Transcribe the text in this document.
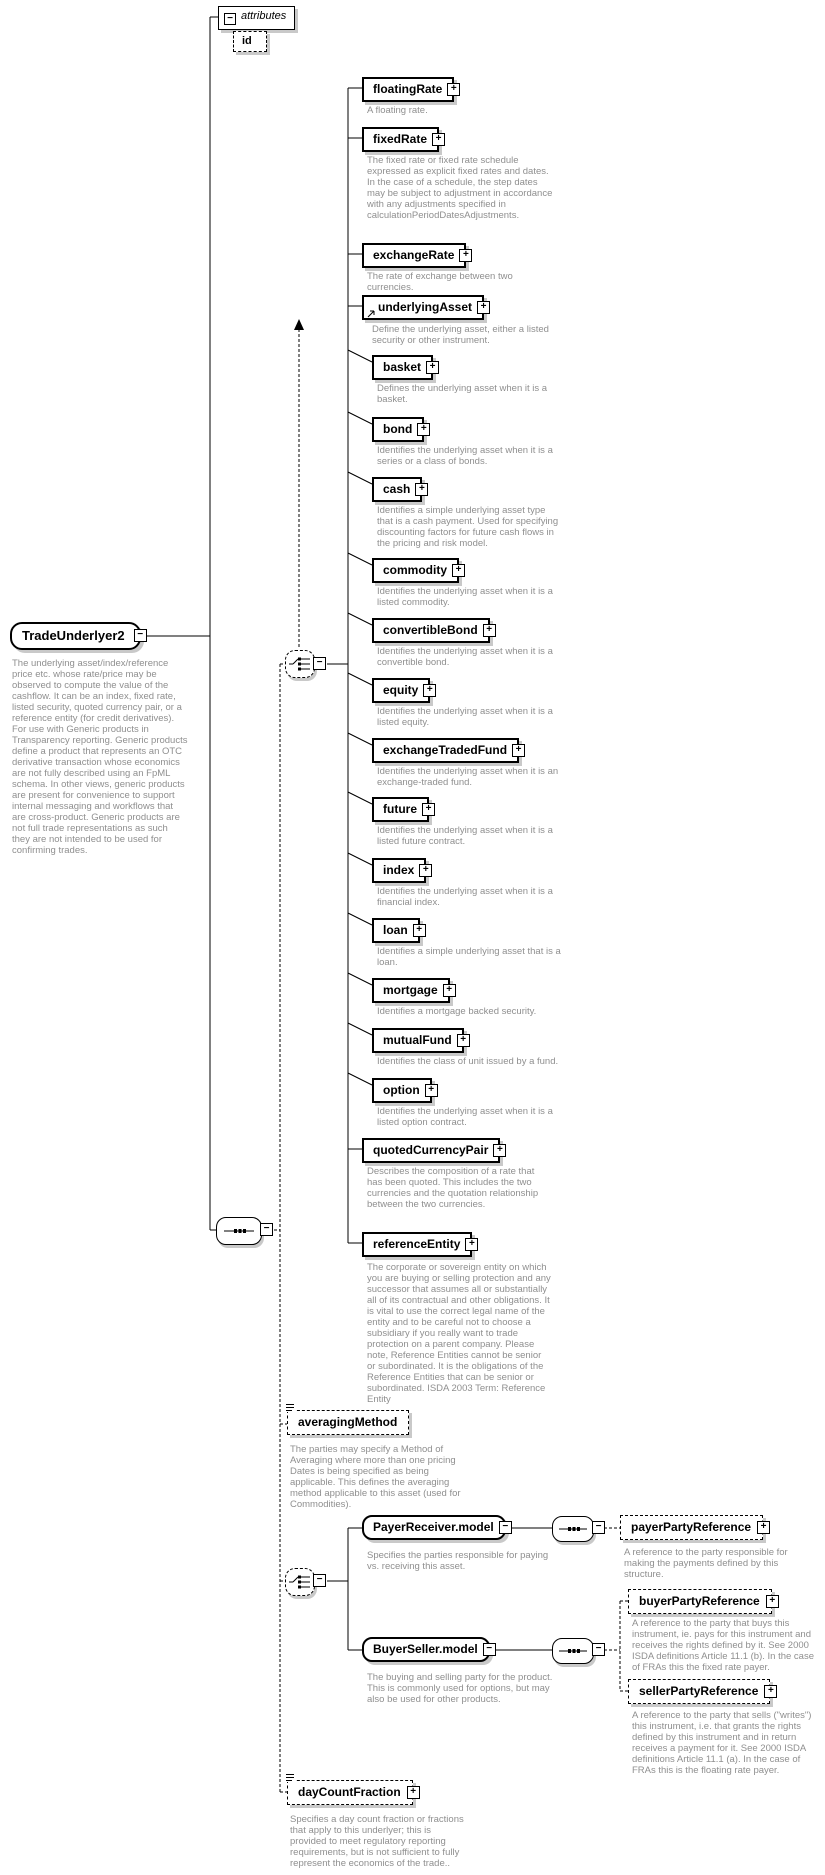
− attributes
id
TradeUnderlyer2	−
The underlying asset/index/reference price etc. whose rate/price may be observed to compute the value of the cashflow. It can be an index, fixed rate, listed security, quoted currency pair, or a reference entity (for credit derivatives). For use with Generic products in Transparency reporting. Generic products define a product that represents an OTC derivative transaction whose economics are not fully described using an FpML schema. In other views, generic products are present for convenience to support internal messaging and workflows that are cross-product. Generic products are not full trade representations as such they are not intended to be used for confirming trades.
−
−
−
−
−
floatingRate +
A floating rate.
fixedRate +
The fixed rate or fixed rate schedule expressed as explicit fixed rates and dates. In the case of a schedule, the step dates may be subject to adjustment in accordance with any adjustments specified in calculationPeriodDatesAdjustments.
exchangeRate +
The rate of exchange between two currencies.
underlyingAsset +
Define the underlying asset, either a listed security or other instrument.
basket +
Defines the underlying asset when it is a basket.
bond +
Identifies the underlying asset when it is a series or a class of bonds.
cash +
Identifies a simple underlying asset type that is a cash payment. Used for specifying discounting factors for future cash flows in the pricing and risk model.
commodity +
Identifies the underlying asset when it is a listed commodity.
convertibleBond +
Identifies the underlying asset when it is a convertible bond.
equity +
Identifies the underlying asset when it is a listed equity.
exchangeTradedFund +
Identifies the underlying asset when it is an exchange-traded fund.
future +
Identifies the underlying asset when it is a listed future contract.
index +
Identifies the underlying asset when it is a financial index.
loan +
Identifies a simple underlying asset that is a loan.
mortgage +
Identifies a mortgage backed security.
mutualFund +
Identifies the class of unit issued by a fund.
option +
Identifies the underlying asset when it is a listed option contract.
quotedCurrencyPair +
Describes the composition of a rate that has been quoted. This includes the two currencies and the quotation relationship between the two currencies.
referenceEntity +
The corporate or sovereign entity on which you are buying or selling protection and any successor that assumes all or substantially all of its contractual and other obligations. It is vital to use the correct legal name of the entity and to be careful not to choose a subsidiary if you really want to trade protection on a parent company. Please note, Reference Entities cannot be senior or subordinated. It is the obligations of the Reference Entities that can be senior or subordinated. ISDA 2003 Term: Reference Entity
averagingMethod
The parties may specify a Method of Averaging where more than one pricing Dates is being specified as being applicable. This defines the averaging method applicable to this asset (used for Commodities).
PayerReceiver.model −
Specifies the parties responsible for paying vs. receiving this asset.
payerPartyReference +
A reference to the party responsible for making the payments defined by this structure.
BuyerSeller.model −
The buying and selling party for the product. This is commonly used for options, but may also be used for other products.
buyerPartyReference +
A reference to the party that buys this instrument, ie. pays for this instrument and receives the rights defined by it. See 2000 ISDA definitions Article 11.1 (b). In the case of FRAs this the fixed rate payer.
sellerPartyReference +
A reference to the party that sells ("writes") this instrument, i.e. that grants the rights defined by this instrument and in return receives a payment for it. See 2000 ISDA definitions Article 11.1 (a). In the case of FRAs this is the floating rate payer.
dayCountFraction +
Specifies a day count fraction or fractions that apply to this underlyer; this is provided to meet regulatory reporting requirements, but is not sufficient to fully represent the economics of the trade..
